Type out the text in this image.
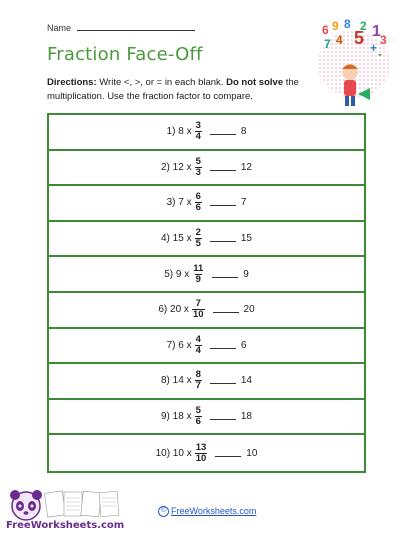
Name
Fraction Face-Off
Directions: Write <, >, or = in each blank. Do not solve the multiplication. Use the fraction factor to compare.
6 9 8 2 1 3
7 4 5 + -
1) 8 x $\frac{3}{4}$	8
2) 12 x $\frac{5}{3}$	12
3) 7 x $\frac{6}{6}$	7
4) 15 x $\frac{2}{5}$	15
5) 9 x $\frac{11}{9}$	9
6) 20 x $\frac{7}{10}$	20
7) 6 x $\frac{4}{4}$	6
8) 14 x $\frac{8}{7}$	14
9) 18 x $\frac{5}{6}$	18
10) 10 x $\frac{13}{10}$	10
FreeWorksheets.com
© FreeWorksheets.com
